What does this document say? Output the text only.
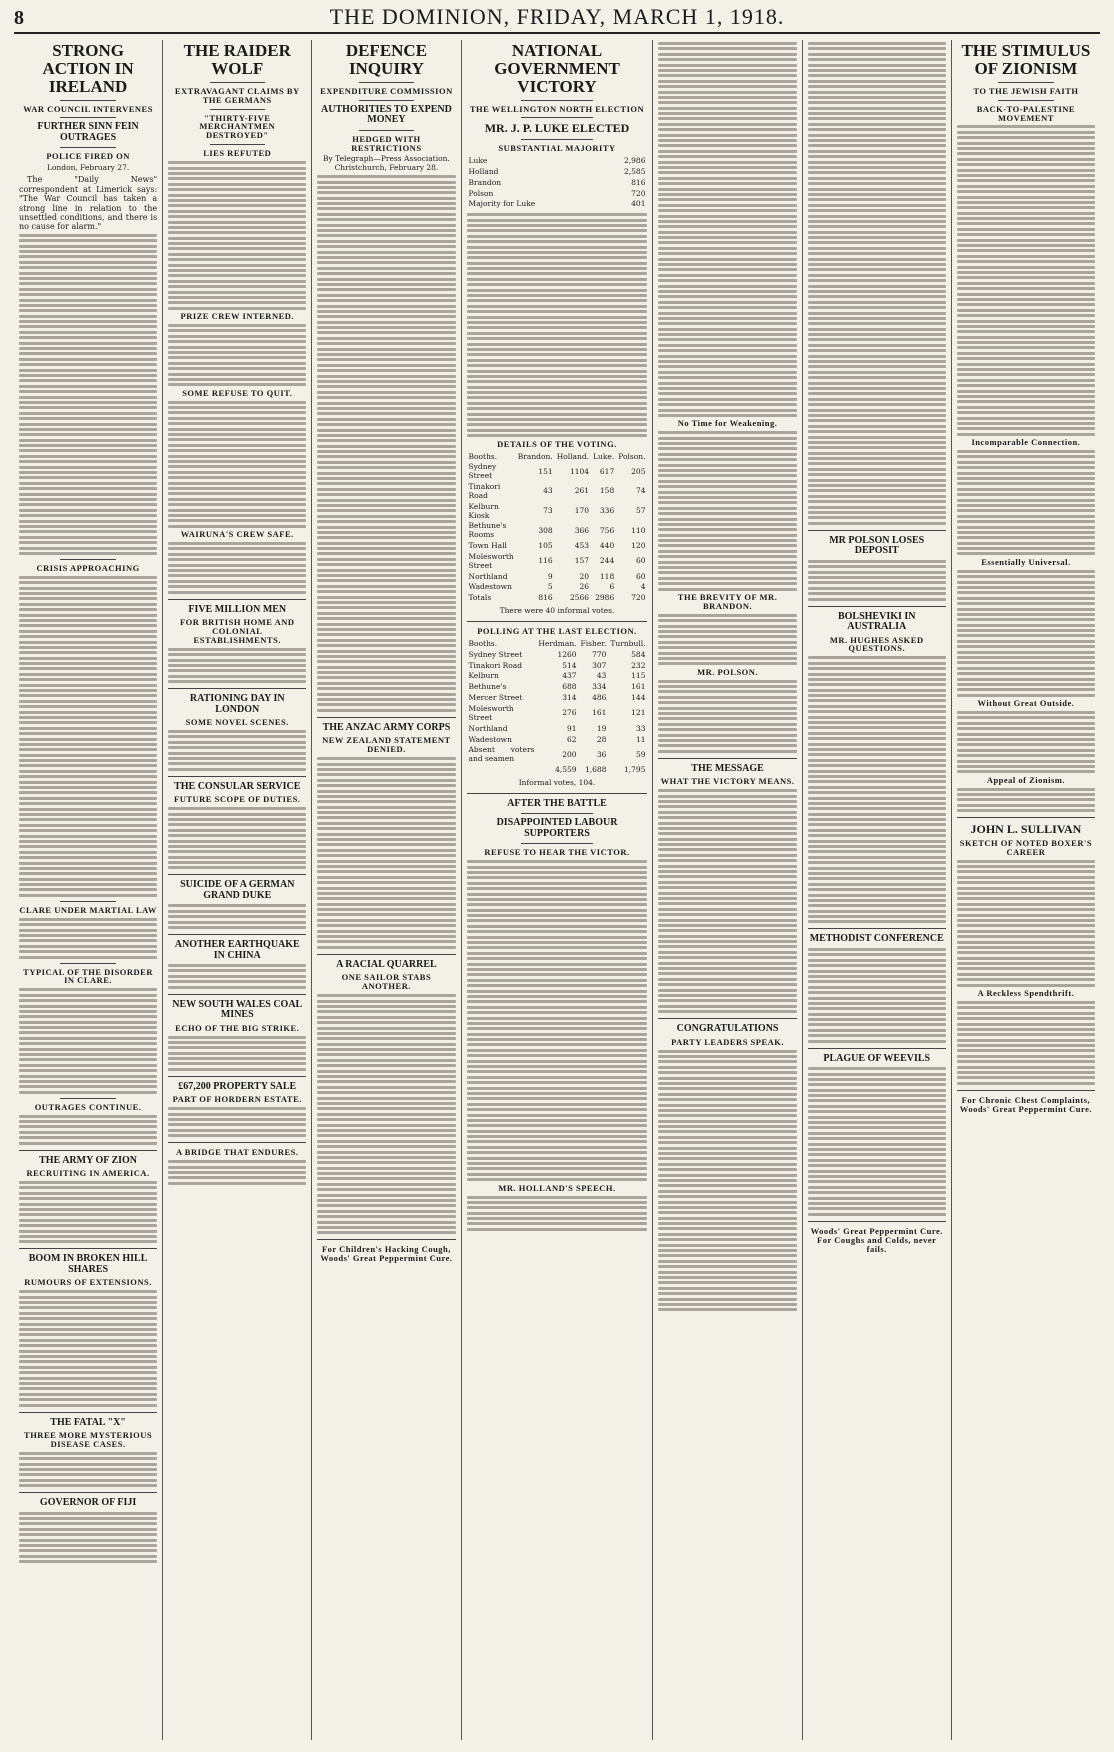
8	THE DOMINION, FRIDAY, MARCH 1, 1918.
STRONG ACTION IN IRELAND
WAR COUNCIL INTERVENES
FURTHER SINN FEIN OUTRAGES
POLICE FIRED ON
London, February 27.

The "Daily News" correspondent at Limerick says: "The War Council has taken a strong line in relation to the unsettled conditions, and there is no cause for alarm."

CRISIS APPROACHING
CLARE UNDER MARTIAL LAW
TYPICAL OF THE DISORDER IN CLARE.
OUTRAGES CONTINUE.
THE ARMY OF ZION
RECRUITING IN AMERICA.
BOOM IN BROKEN HILL SHARES
RUMOURS OF EXTENSIONS.
THE FATAL "X"
THREE MORE MYSTERIOUS DISEASE CASES.
GOVERNOR OF FIJI
THE RAIDER WOLF
EXTRAVAGANT CLAIMS BY THE GERMANS
"THIRTY-FIVE MERCHANTMEN DESTROYED"
LIES REFUTED
PRIZE CREW INTERNED.
SOME REFUSE TO QUIT.
WAIRUNA'S CREW SAFE.
FIVE MILLION MEN
FOR BRITISH HOME AND COLONIAL ESTABLISHMENTS.
RATIONING DAY IN LONDON
SOME NOVEL SCENES.
THE CONSULAR SERVICE
FUTURE SCOPE OF DUTIES.
SUICIDE OF A GERMAN GRAND DUKE
ANOTHER EARTHQUAKE IN CHINA
NEW SOUTH WALES COAL MINES
ECHO OF THE BIG STRIKE.
£67,200 PROPERTY SALE
PART OF HORDERN ESTATE.
A BRIDGE THAT ENDURES.
DEFENCE INQUIRY
EXPENDITURE COMMISSION
AUTHORITIES TO EXPEND MONEY
HEDGED WITH RESTRICTIONS
By Telegraph—Press Association. Christchurch, February 28.
THE ANZAC ARMY CORPS
NEW ZEALAND STATEMENT DENIED.
A RACIAL QUARREL
ONE SAILOR STABS ANOTHER.
For Children's Hacking Cough, Woods' Great Peppermint Cure.
NATIONAL GOVERNMENT VICTORY
THE WELLINGTON NORTH ELECTION
MR. J. P. LUKE ELECTED
SUBSTANTIAL MAJORITY
Luke	2,986
Holland	2,585
Brandon	816
Polson	720
Majority for Luke	401
DETAILS OF THE VOTING.
Booths.	Brandon.	Holland.	Luke.	Polson.
Sydney Street	151	1104	617	205
Tinakori Road	43	261	158	74
Kelburn Kiosk	73	170	336	57
Bethune's Rooms	308	366	756	110
Town Hall	105	453	440	120
Molesworth Street	116	157	244	60
Northland	9	20	118	60
Wadestown	5	26	6	4
Totals	816	2566	2986	720
There were 40 informal votes.
POLLING AT THE LAST ELECTION.
Booths.	Herdman.	Fisher.	Turnbull.
Sydney Street	1260	770	584
Tinakori Road	514	307	232
Kelburn	437	43	115
Bethune's	688	334	161
Mercer Street	314	486	144
Molesworth Street	276	161	121
Northland	91	19	33
Wadestown	62	28	11
Absent voters and seamen	200	36	59
	4,559	1,688	1,795
Informal votes, 104.
AFTER THE BATTLE
DISAPPOINTED LABOUR SUPPORTERS
REFUSE TO HEAR THE VICTOR.
MR. HOLLAND'S SPEECH.
No Time for Weakening.
THE BREVITY OF MR. BRANDON.
MR. POLSON.
THE MESSAGE
WHAT THE VICTORY MEANS.
CONGRATULATIONS
PARTY LEADERS SPEAK.
MR POLSON LOSES DEPOSIT
BOLSHEVIKI IN AUSTRALIA
MR. HUGHES ASKED QUESTIONS.
METHODIST CONFERENCE
PLAGUE OF WEEVILS
Woods' Great Peppermint Cure. For Coughs and Colds, never fails.
THE STIMULUS OF ZIONISM
TO THE JEWISH FAITH
BACK-TO-PALESTINE MOVEMENT
Incomparable Connection.
Essentially Universal.
Without Great Outside.
Appeal of Zionism.
JOHN L. SULLIVAN
SKETCH OF NOTED BOXER'S CAREER
A Reckless Spendthrift.
For Chronic Chest Complaints, Woods' Great Peppermint Cure.
